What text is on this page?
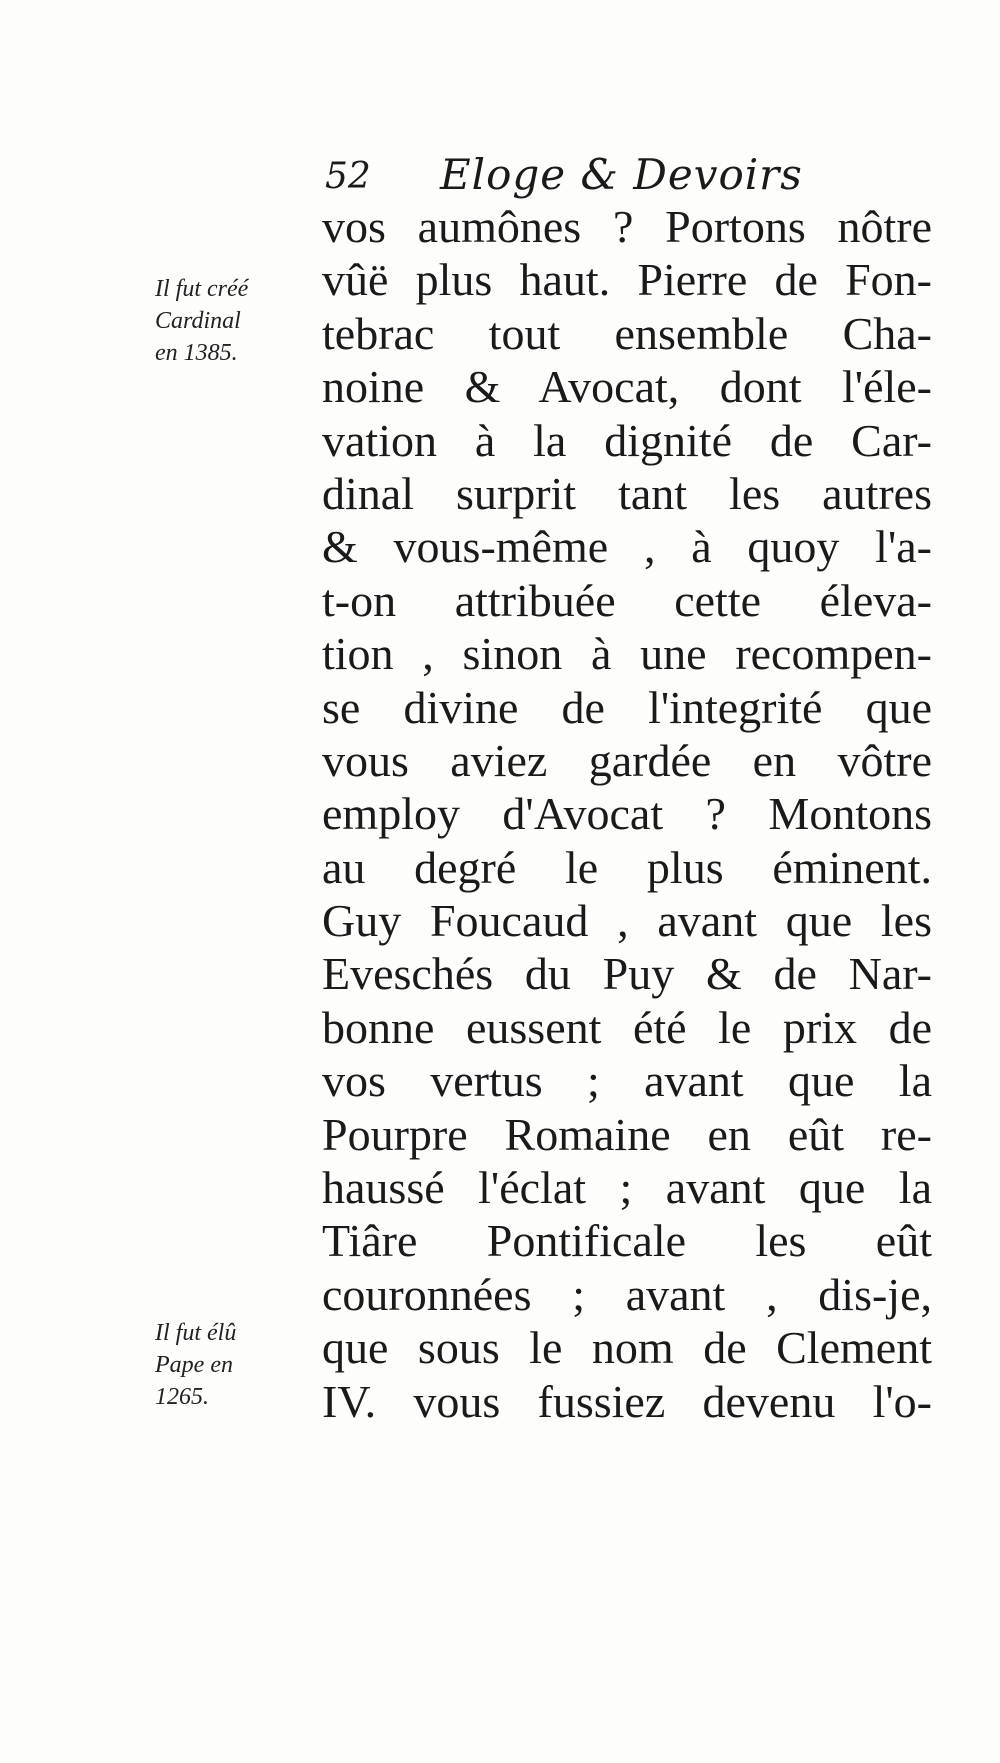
52 Eloge & Devoirs
Il fut créé
Cardinal
en 1385.
Il fut élû
Pape en
1265.
vos aumônes ? Portons nôtre
vûë plus haut. Pierre de Fon-
tebrac tout ensemble Cha-
noine & Avocat, dont l'éle-
vation à la dignité de Car-
dinal surprit tant les autres
& vous-même , à quoy l'a-
t-on attribuée cette éleva-
tion , sinon à une recompen-
se divine de l'integrité que
vous aviez gardée en vôtre
employ d'Avocat ? Montons
au degré le plus éminent.
Guy Foucaud , avant que les
Eveschés du Puy & de Nar-
bonne eussent été le prix de
vos vertus ; avant que la
Pourpre Romaine en eût re-
haussé l'éclat ; avant que la
Tiâre Pontificale les eût
couronnées ; avant , dis-je,
que sous le nom de Clement
IV. vous fussiez devenu l'o-
